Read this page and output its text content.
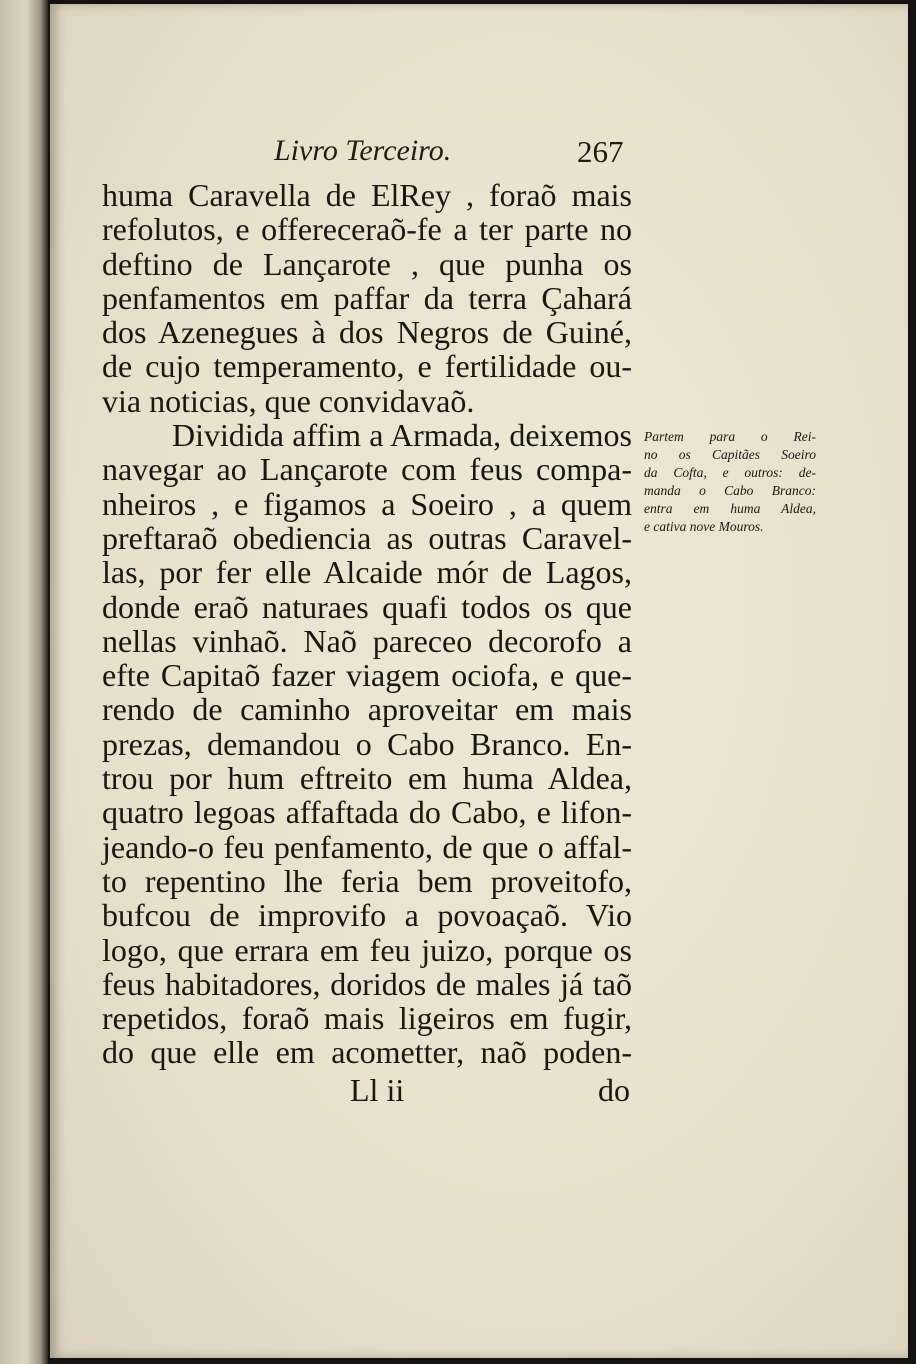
Livro Terceiro.	267
huma Caravella de ElRey , foraõ mais
refolutos, e offereceraõ-fe a ter parte no
deftino de Lançarote , que punha os
penfamentos em paffar da terra Çahará
dos Azenegues à dos Negros de Guiné,
de cujo temperamento, e fertilidade ou-
via noticias, que convidavaõ.
Dividida affim a Armada, deixemos
navegar ao Lançarote com feus compa-
nheiros , e figamos a Soeiro , a quem
preftaraõ obediencia as outras Caravel-
las, por fer elle Alcaide mór de Lagos,
donde eraõ naturaes quafi todos os que
nellas vinhaõ. Naõ pareceo decorofo a
efte Capitaõ fazer viagem ociofa, e que-
rendo de caminho aproveitar em mais
prezas, demandou o Cabo Branco. En-
trou por hum eftreito em huma Aldea,
quatro legoas affaftada do Cabo, e lifon-
jeando-o feu penfamento, de que o affal-
to repentino lhe feria bem proveitofo,
bufcou de improvifo a povoaçaõ. Vio
logo, que errara em feu juizo, porque os
feus habitadores, doridos de males já taõ
repetidos, foraõ mais ligeiros em fugir,
do que elle em acometter, naõ poden-
Partem para o Rei-
no os Capitães Soeiro
da Cofta, e outros: de-
manda o Cabo Branco:
entra em huma Aldea,
e cativa nove Mouros.
Ll ii	do
